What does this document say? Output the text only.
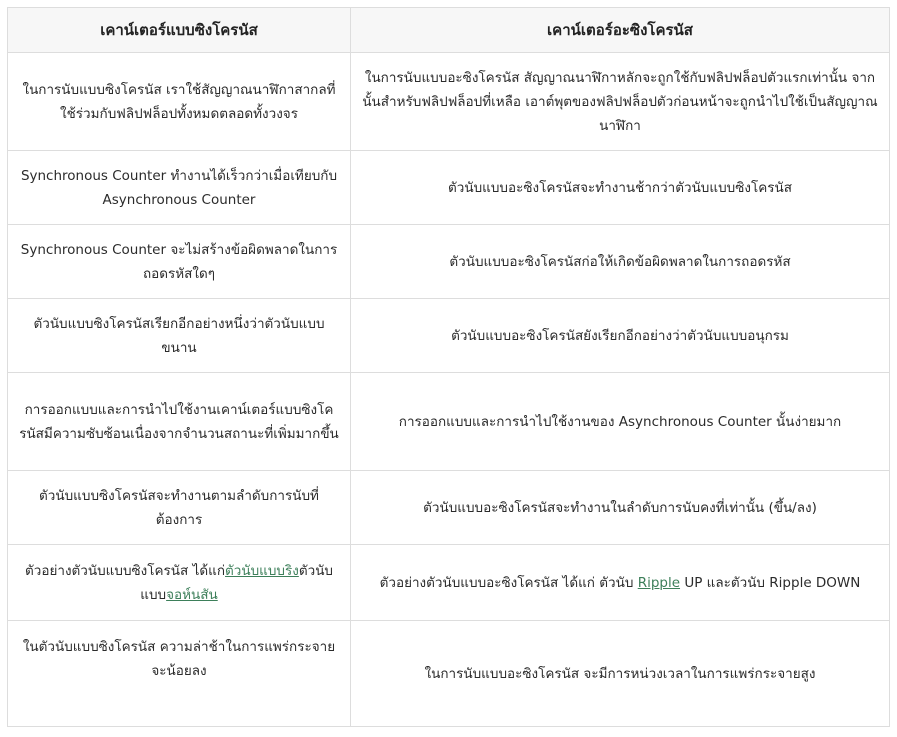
เคาน์เตอร์แบบซิงโครนัส	เคาน์เตอร์อะซิงโครนัส
ในการนับแบบซิงโครนัส เราใช้สัญญาณนาฬิกาสากลที่ใช้ร่วมกับฟลิปฟล็อปทั้งหมดตลอดทั้งวงจร	ในการนับแบบอะซิงโครนัส สัญญาณนาฬิกาหลักจะถูกใช้กับฟลิปฟล็อปตัวแรกเท่านั้น จากนั้นสำหรับฟลิปฟล็อปที่เหลือ เอาต์พุตของฟลิปฟล็อปตัวก่อนหน้าจะถูกนำไปใช้เป็นสัญญาณนาฬิกา
Synchronous Counter ทำงานได้เร็วกว่าเมื่อเทียบกับ Asynchronous Counter	ตัวนับแบบอะซิงโครนัสจะทำงานช้ากว่าตัวนับแบบซิงโครนัส
Synchronous Counter จะไม่สร้างข้อผิดพลาดในการถอดรหัสใดๆ	ตัวนับแบบอะซิงโครนัสก่อให้เกิดข้อผิดพลาดในการถอดรหัส
ตัวนับแบบซิงโครนัสเรียกอีกอย่างหนึ่งว่าตัวนับแบบขนาน	ตัวนับแบบอะซิงโครนัสยังเรียกอีกอย่างว่าตัวนับแบบอนุกรม
การออกแบบและการนำไปใช้งานเคาน์เตอร์แบบซิงโครนัสมีความซับซ้อนเนื่องจากจำนวนสถานะที่เพิ่มมากขึ้น	การออกแบบและการนำไปใช้งานของ Asynchronous Counter นั้นง่ายมาก
ตัวนับแบบซิงโครนัสจะทำงานตามลำดับการนับที่ต้องการ	ตัวนับแบบอะซิงโครนัสจะทำงานในลำดับการนับคงที่เท่านั้น (ขึ้น/ลง)
ตัวอย่างตัวนับแบบซิงโครนัส ได้แก่ตัวนับแบบริงตัวนับ แบบจอห์นสัน	ตัวอย่างตัวนับแบบอะซิงโครนัส ได้แก่ ตัวนับ Ripple UP และตัวนับ Ripple DOWN
ในตัวนับแบบซิงโครนัส ความล่าช้าในการแพร่กระจายจะน้อยลง	ในการนับแบบอะซิงโครนัส จะมีการหน่วงเวลาในการแพร่กระจายสูง
